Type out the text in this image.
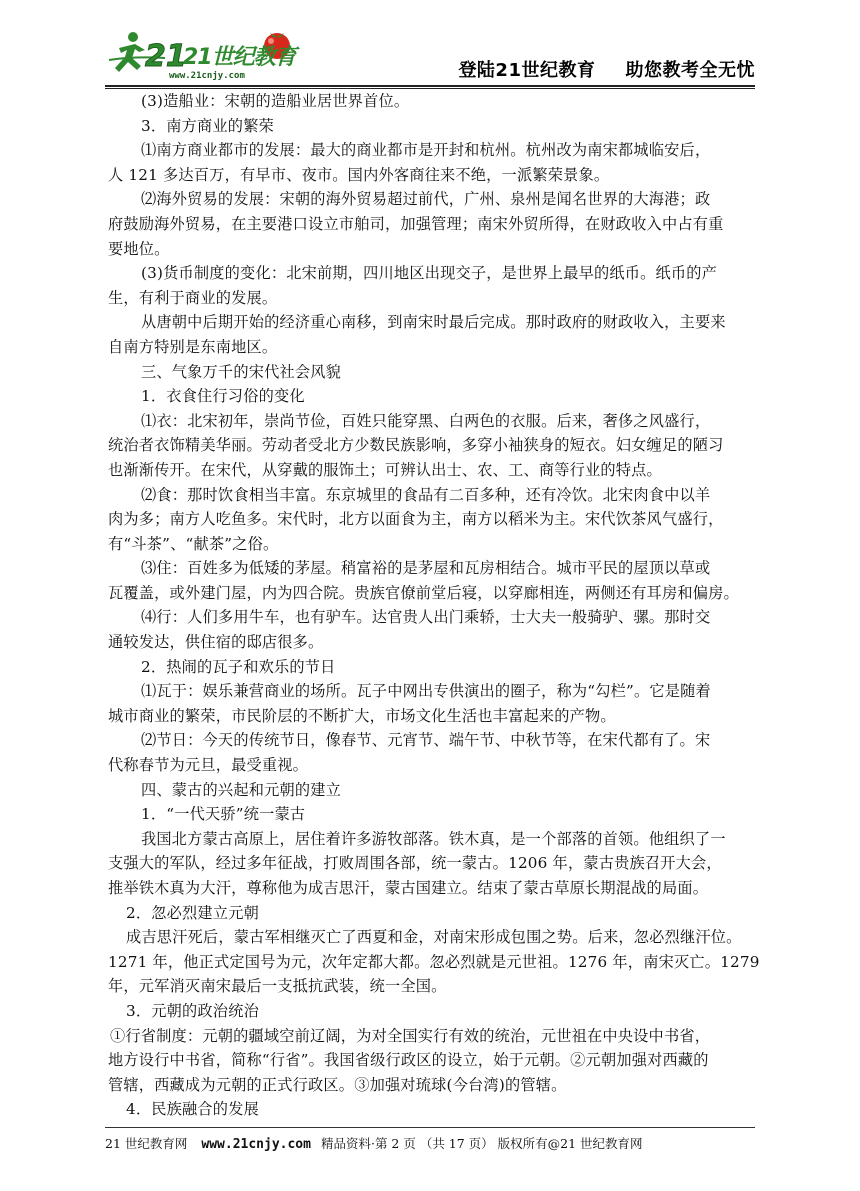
21
www.21cnjy.com
21世纪教育
登陆21世纪教育 助您教考全无忧
(3)造船业：宋朝的造船业居世界首位。
3．南方商业的繁荣
⑴南方商业都市的发展：最大的商业都市是开封和杭州。杭州改为南宋都城临安后，
人 121 多达百万，有早市、夜市。国内外客商往来不绝，一派繁荣景象。
⑵海外贸易的发展：宋朝的海外贸易超过前代，广州、泉州是闻名世界的大海港；政
府鼓励海外贸易，在主要港口设立市舶司，加强管理；南宋外贸所得，在财政收入中占有重
要地位。
(3)货币制度的变化：北宋前期，四川地区出现交子，是世界上最早的纸币。纸币的产
生，有利于商业的发展。
从唐朝中后期开始的经济重心南移，到南宋时最后完成。那时政府的财政收入，主要来
自南方特别是东南地区。
三、气象万千的宋代社会风貌
1．衣食住行习俗的变化
⑴衣：北宋初年，崇尚节俭，百姓只能穿黑、白两色的衣服。后来，奢侈之风盛行，
统治者衣饰精美华丽。劳动者受北方少数民族影响，多穿小袖狭身的短衣。妇女缠足的陋习
也渐渐传开。在宋代，从穿戴的服饰土；可辨认出士、农、工、商等行业的特点。
⑵食：那时饮食相当丰富。东京城里的食品有二百多种，还有冷饮。北宋肉食中以羊
肉为多；南方人吃鱼多。宋代时，北方以面食为主，南方以稻米为主。宋代饮茶风气盛行，
有“斗茶”、“献茶”之俗。
⑶住：百姓多为低矮的茅屋。稍富裕的是茅屋和瓦房相结合。城市平民的屋顶以草或
瓦覆盖，或外建门屋，内为四合院。贵族官僚前堂后寝，以穿廊相连，两侧还有耳房和偏房。
⑷行：人们多用牛车，也有驴车。达官贵人出门乘轿，士大夫一般骑驴、骡。那时交
通较发达，供住宿的邸店很多。
2．热闹的瓦子和欢乐的节日
⑴瓦于：娱乐兼营商业的场所。瓦子中网出专供演出的圈子，称为“勾栏”。它是随着
城市商业的繁荣，市民阶层的不断扩大，市场文化生活也丰富起来的产物。
⑵节日：今天的传统节日，像春节、元宵节、端午节、中秋节等，在宋代都有了。宋
代称春节为元旦，最受重视。
四、蒙古的兴起和元朝的建立
1．“一代天骄”统一蒙古
我国北方蒙古高原上，居住着许多游牧部落。铁木真，是一个部落的首领。他组织了一
支强大的军队，经过多年征战，打败周围各部，统一蒙古。1206 年，蒙古贵族召开大会，
推举铁木真为大汗，尊称他为成吉思汗，蒙古国建立。结束了蒙古草原长期混战的局面。
2．忽必烈建立元朝
成吉思汗死后，蒙古军相继灭亡了西夏和金，对南宋形成包围之势。后来，忽必烈继汗位。
1271 年，他正式定国号为元，次年定都大都。忽必烈就是元世祖。1276 年，南宋灭亡。1279
年，元军消灭南宋最后一支抵抗武装，统一全国。
3．元朝的政治统治
①行省制度：元朝的疆域空前辽阔，为对全国实行有效的统治，元世祖在中央设中书省，
地方设行中书省，简称“行省”。我国省级行政区的设立，始于元朝。②元朝加强对西藏的
管辖，西藏成为元朝的正式行政区。③加强对琉球(今台湾)的管辖。
4．民族融合的发展
21 世纪教育网 www.21cnjy.com 精品资料·第 2 页 （共 17 页） 版权所有@21 世纪教育网
